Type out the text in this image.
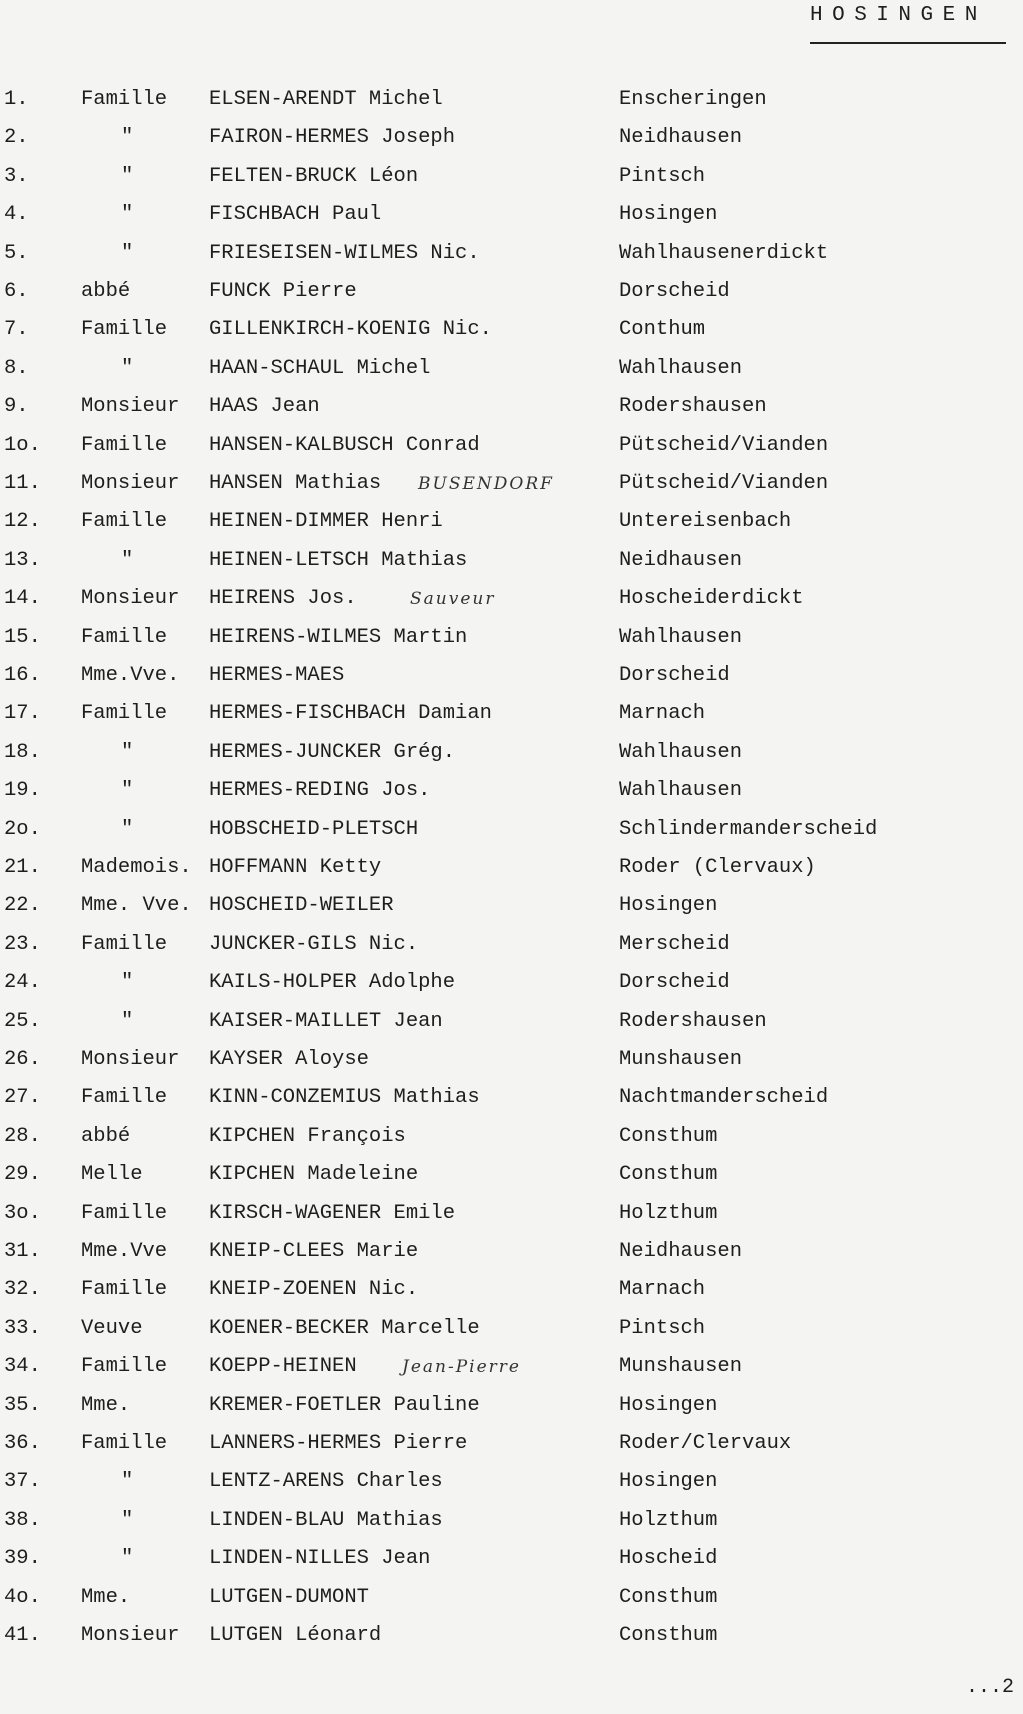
HOSINGEN
1.	Famille ELSEN-ARENDT Michel	Enscheringen
2.	"	FAIRON-HERMES Joseph	Neidhausen
3.	"	FELTEN-BRUCK Léon	Pintsch
4.	"	FISCHBACH Paul	Hosingen
5.	"	FRIESEISEN-WILMES Nic.	Wahlhausenerdickt
6.	abbé	FUNCK Pierre	Dorscheid
7.	Famille GILLENKIRCH-KOENIG Nic.	Conthum
8.	"	HAAN-SCHAUL Michel	Wahlhausen
9.	Monsieur HAAS Jean	Rodershausen
1o. Famille HANSEN-KALBUSCH Conrad	Pütscheid/Vianden
11. Monsieur HANSEN Mathias BUSENDORF	Pütscheid/Vianden
12. Famille HEINEN-DIMMER Henri	Untereisenbach
13.	"	HEINEN-LETSCH Mathias	Neidhausen
14. Monsieur HEIRENS Jos.	Sauveur	Hoscheiderdickt
15. Famille HEIRENS-WILMES Martin	Wahlhausen
16. Mme.Vve. HERMES-MAES	Dorscheid
17. Famille HERMES-FISCHBACH Damian	Marnach
18.	"	HERMES-JUNCKER Grég.	Wahlhausen
19.	"	HERMES-REDING Jos.	Wahlhausen
2o.	"	HOBSCHEID-PLETSCH	Schlindermanderscheid
21. Mademois. HOFFMANN Ketty	Roder (Clervaux)
22. Mme. Vve. HOSCHEID-WEILER	Hosingen
23. Famille JUNCKER-GILS Nic.	Merscheid
24.	"	KAILS-HOLPER Adolphe	Dorscheid
25.	"	KAISER-MAILLET Jean	Rodershausen
26. Monsieur KAYSER Aloyse	Munshausen
27. Famille KINN-CONZEMIUS Mathias	Nachtmanderscheid
28. abbé	KIPCHEN François	Consthum
29. Melle	KIPCHEN Madeleine	Consthum
3o. Famille KIRSCH-WAGENER Emile	Holzthum
31. Mme.Vve KNEIP-CLEES Marie	Neidhausen
32. Famille KNEIP-ZOENEN Nic.	Marnach
33. Veuve	KOENER-BECKER Marcelle	Pintsch
34. Famille KOEPP-HEINEN	Jean-Pierre	Munshausen
35. Mme.	KREMER-FOETLER Pauline	Hosingen
36. Famille LANNERS-HERMES Pierre	Roder/Clervaux
37.	"	LENTZ-ARENS Charles	Hosingen
38.	"	LINDEN-BLAU Mathias	Holzthum
39.	"	LINDEN-NILLES Jean	Hoscheid
4o. Mme.	LUTGEN-DUMONT	Consthum
41. Monsieur LUTGEN Léonard	Consthum
...2
